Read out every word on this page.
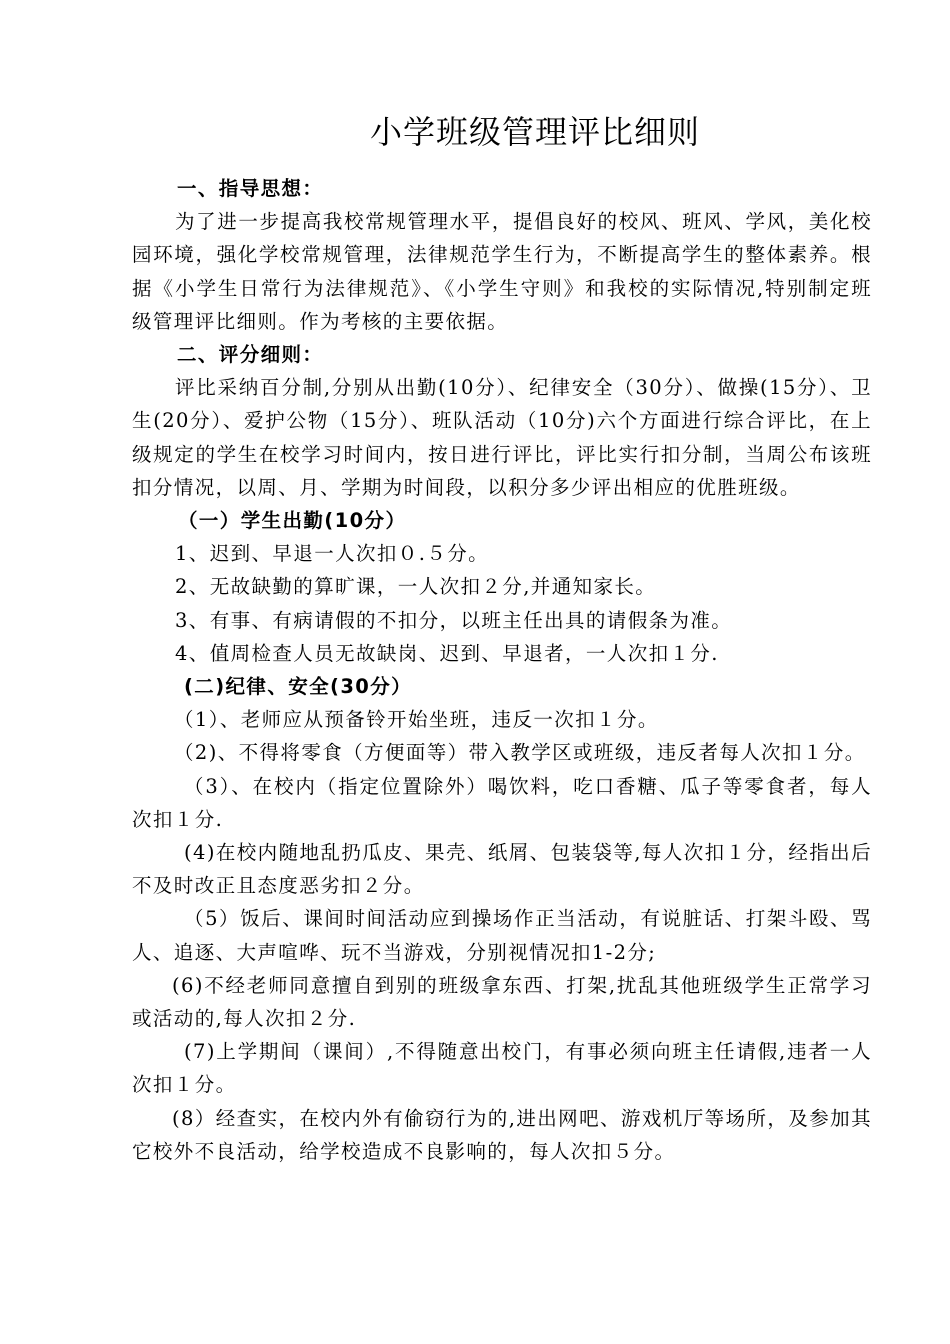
小学班级管理评比细则

一、指导思想：

为了进一步提高我校常规管理水平，提倡良好的校风、班风、学风，美化校园环境，强化学校常规管理，法律规范学生行为，不断提高学生的整体素养。根据《小学生日常行为法律规范》、《小学生守则》和我校的实际情况,特别制定班级管理评比细则。作为考核的主要依据。

二、评分细则：

评比采纳百分制,分别从出勤(10分）、纪律安全（30分）、做操(15分）、卫生(20分）、爱护公物（15分）、班队活动（10分)六个方面进行综合评比，在上级规定的学生在校学习时间内，按日进行评比，评比实行扣分制，当周公布该班扣分情况，以周、月、学期为时间段，以积分多少评出相应的优胜班级。

（一）学生出勤(10分）

1、迟到、早退一人次扣０.５分。

2、无故缺勤的算旷课，一人次扣２分,并通知家长。

3、有事、有病请假的不扣分，以班主任出具的请假条为准。

4、值周检查人员无故缺岗、迟到、早退者，一人次扣１分.

(二)纪律、安全(30分）

（1）、老师应从预备铃开始坐班，违反一次扣１分。

（2)、不得将零食（方便面等）带入教学区或班级，违反者每人次扣１分。

（3）、在校内（指定位置除外）喝饮料，吃口香糖、瓜子等零食者，每人次扣１分.

(4)在校内随地乱扔瓜皮、果壳、纸屑、包装袋等,每人次扣１分，经指出后不及时改正且态度恶劣扣２分。

（5）饭后、课间时间活动应到操场作正当活动，有说脏话、打架斗殴、骂人、追逐、大声喧哗、玩不当游戏，分别视情况扣1-2分;

(6)不经老师同意擅自到别的班级拿东西、打架,扰乱其他班级学生正常学习或活动的,每人次扣２分.

(7)上学期间（课间）,不得随意出校门，有事必须向班主任请假,违者一人次扣１分。

(8）经查实，在校内外有偷窃行为的,进出网吧、游戏机厅等场所，及参加其它校外不良活动，给学校造成不良影响的，每人次扣５分。
